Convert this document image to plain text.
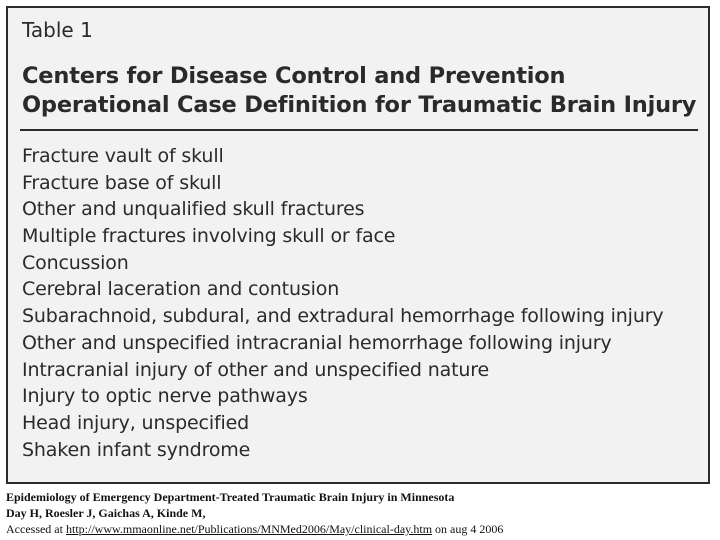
Table 1
Centers for Disease Control and Prevention
Operational Case Definition for Traumatic Brain Injury
Fracture vault of skull
Fracture base of skull
Other and unqualified skull fractures
Multiple fractures involving skull or face
Concussion
Cerebral laceration and contusion
Subarachnoid, subdural, and extradural hemorrhage following injury
Other and unspecified intracranial hemorrhage following injury
Intracranial injury of other and unspecified nature
Injury to optic nerve pathways
Head injury, unspecified
Shaken infant syndrome
Epidemiology of Emergency Department-Treated Traumatic Brain Injury in Minnesota
Day H, Roesler J, Gaichas A, Kinde M,
Accessed at http://www.mmaonline.net/Publications/MNMed2006/May/clinical-day.htm on aug 4 2006
